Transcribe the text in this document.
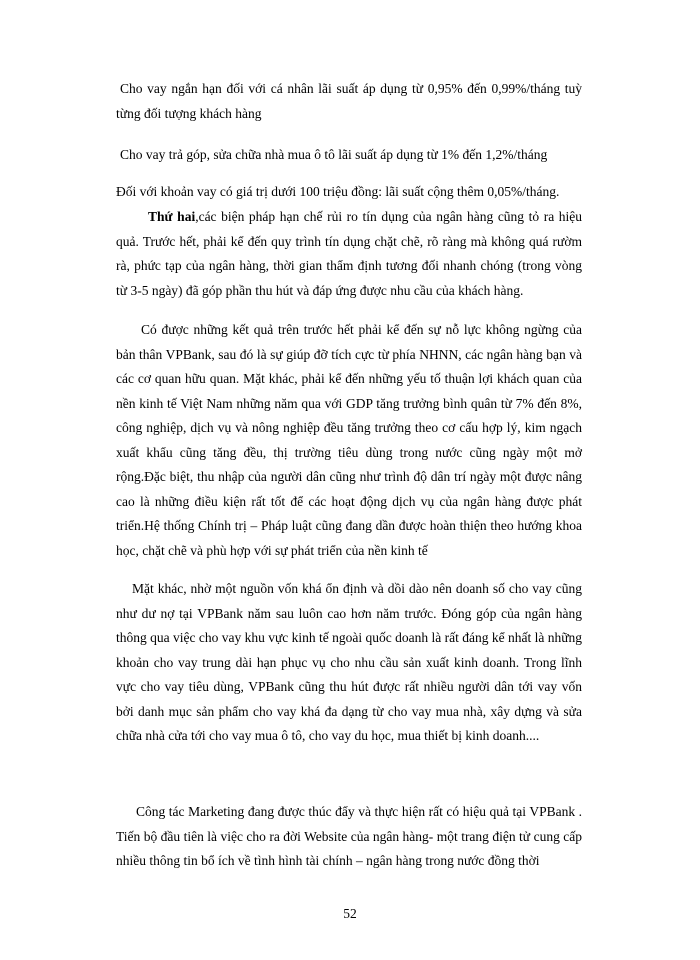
Cho vay ngắn hạn đối với cá nhân lãi suất áp dụng từ 0,95% đến 0,99%/tháng tuỳ từng đối tượng khách hàng

Cho vay trả góp, sửa chữa nhà mua ô tô lãi suất áp dụng từ 1% đến 1,2%/tháng

Đối với khoản vay có giá trị dưới 100 triệu đồng: lãi suất cộng thêm 0,05%/tháng.

Thứ hai,các biện pháp hạn chế rủi ro tín dụng của ngân hàng cũng tỏ ra hiệu quả. Trước hết, phải kể đến quy trình tín dụng chặt chẽ, rõ ràng mà không quá rườm rà, phức tạp của ngân hàng, thời gian thẩm định tương đối nhanh chóng (trong vòng từ 3-5 ngày) đã góp phần thu hút và đáp ứng được nhu cầu của khách hàng.

Có được những kết quả trên trước hết phải kể đến sự nỗ lực không ngừng của bản thân VPBank, sau đó là sự giúp đỡ tích cực từ phía NHNN, các ngân hàng bạn và các cơ quan hữu quan. Mặt khác, phải kể đến những yếu tố thuận lợi khách quan của nền kinh tế Việt Nam những năm qua với GDP tăng trưởng bình quân từ 7% đến 8%, công nghiệp, dịch vụ và nông nghiệp đều tăng trưởng theo cơ cấu hợp lý, kim ngạch xuất khẩu cũng tăng đều, thị trường tiêu dùng trong nước cũng ngày một mở rộng.Đặc biệt, thu nhập của người dân cũng như trình độ dân trí ngày một được nâng cao là những điều kiện rất tốt để các hoạt động dịch vụ của ngân hàng được phát triển.Hệ thống Chính trị – Pháp luật cũng đang dần được hoàn thiện theo hướng khoa học, chặt chẽ và phù hợp với sự phát triển của nền kinh tế

Mặt khác, nhờ một nguồn vốn khá ổn định và dồi dào nên doanh số cho vay cũng như dư nợ tại VPBank năm sau luôn cao hơn năm trước. Đóng góp của ngân hàng thông qua việc cho vay khu vực kinh tế ngoài quốc doanh là rất đáng kể nhất là những khoản cho vay trung dài hạn phục vụ cho nhu cầu sản xuất kinh doanh. Trong lĩnh vực cho vay tiêu dùng, VPBank cũng thu hút được rất nhiều người dân tới vay vốn bởi danh mục sản phẩm cho vay khá đa dạng từ cho vay mua nhà, xây dựng và sửa chữa nhà cửa tới cho vay mua ô tô, cho vay du học, mua thiết bị kinh doanh....

Công tác Marketing đang được thúc đẩy và thực hiện rất có hiệu quả tại VPBank . Tiến bộ đầu tiên là việc cho ra đời Website của ngân hàng- một trang điện tử cung cấp nhiều thông tin bổ ích về tình hình tài chính – ngân hàng trong nước đồng thời

52
